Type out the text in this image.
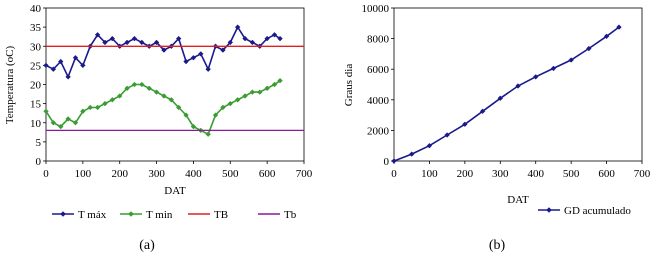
0
5
10
15
20
25
30
35
40
0 100 200 300 400 500 600 700
Temperatura (oC)
DAT
T máx	T min	TB	Tb
(a)
0
2000
4000
6000
8000
10000
0 100 200 300 400 500 600 700
Graus dia
DAT
GD acumulado
(b)
